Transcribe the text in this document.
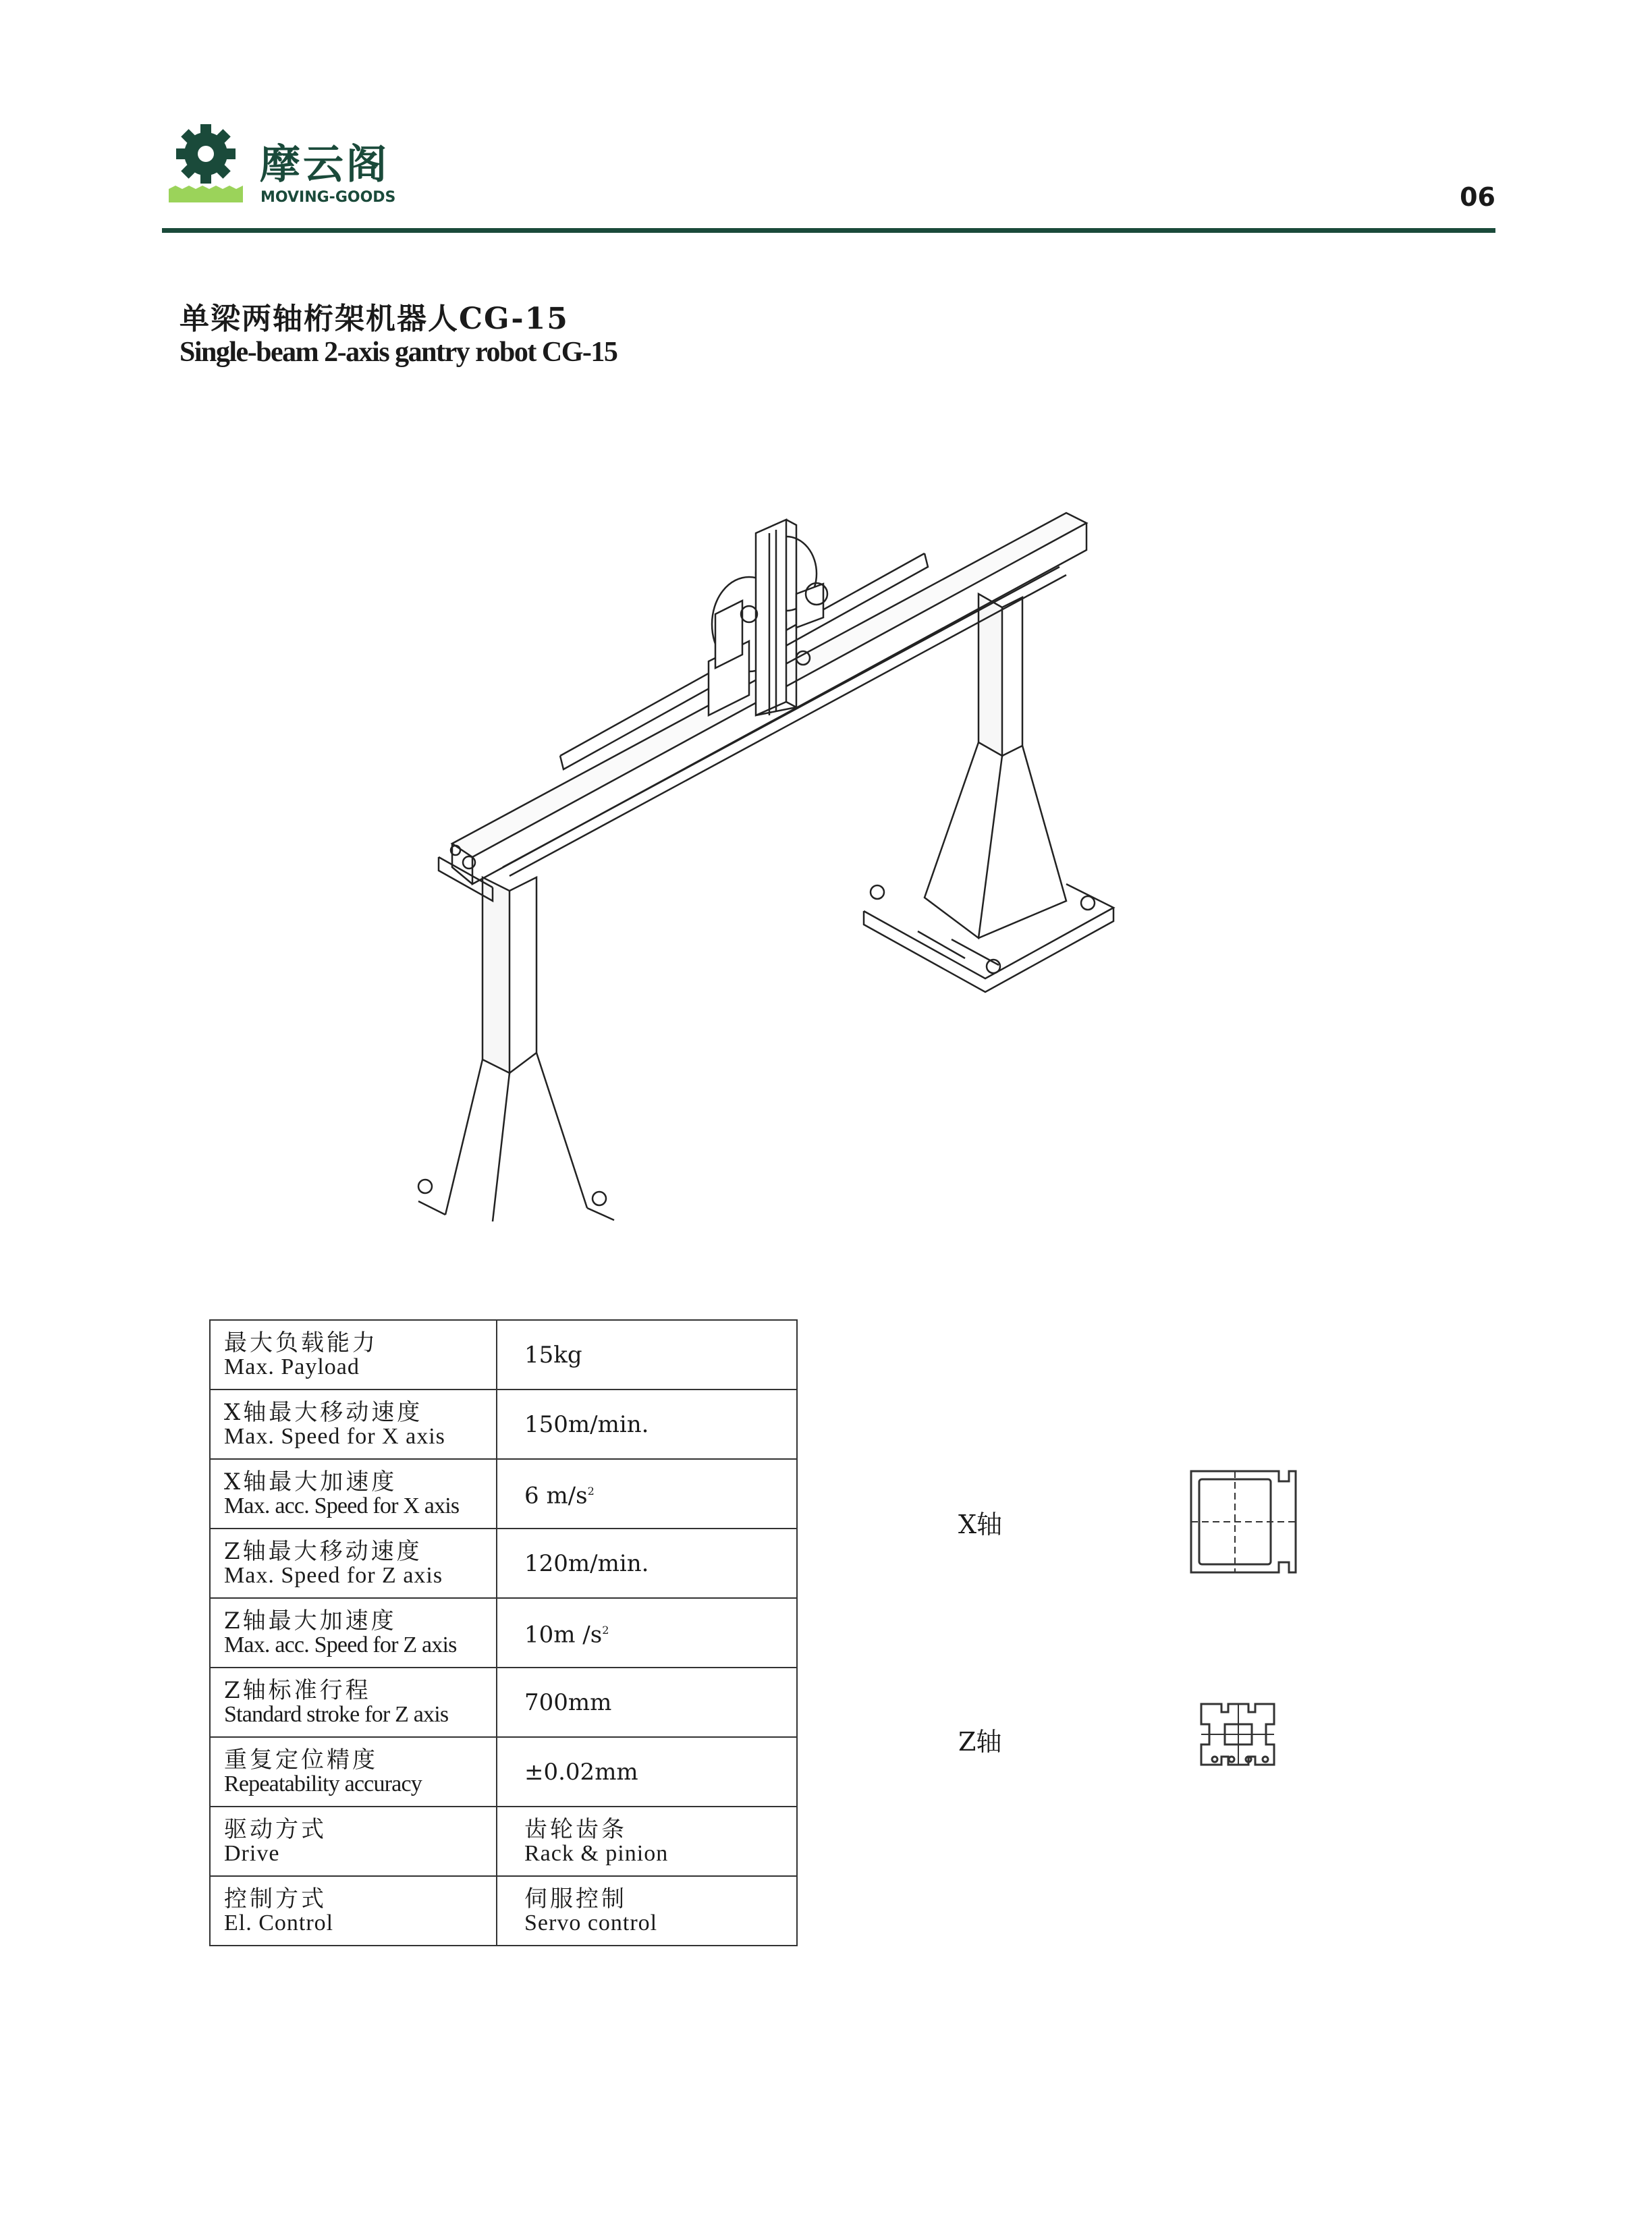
摩云阁
MOVING-GOODS	06
单梁两轴桁架机器人CG-15
Single-beam 2-axis gantry robot CG-15
最大负载能力
Max. Payload	15kg

X轴最大移动速度
Max. Speed for X axis	150m/min.

X轴最大加速度
Max. acc. Speed for X axis	6 $m/s^2$

Z轴最大移动速度
Max. Speed for Z axis	120m/min.

Z轴最大加速度
Max. acc. Speed for Z axis	10m $/s^2$

Z轴标准行程
Standard stroke for Z axis	700mm

重复定位精度
Repeatability accuracy	±0.02mm

驱动方式
Drive	齿轮齿条
Rack & pinion

控制方式
El. Control	伺服控制
Servo control
X轴
Z轴
